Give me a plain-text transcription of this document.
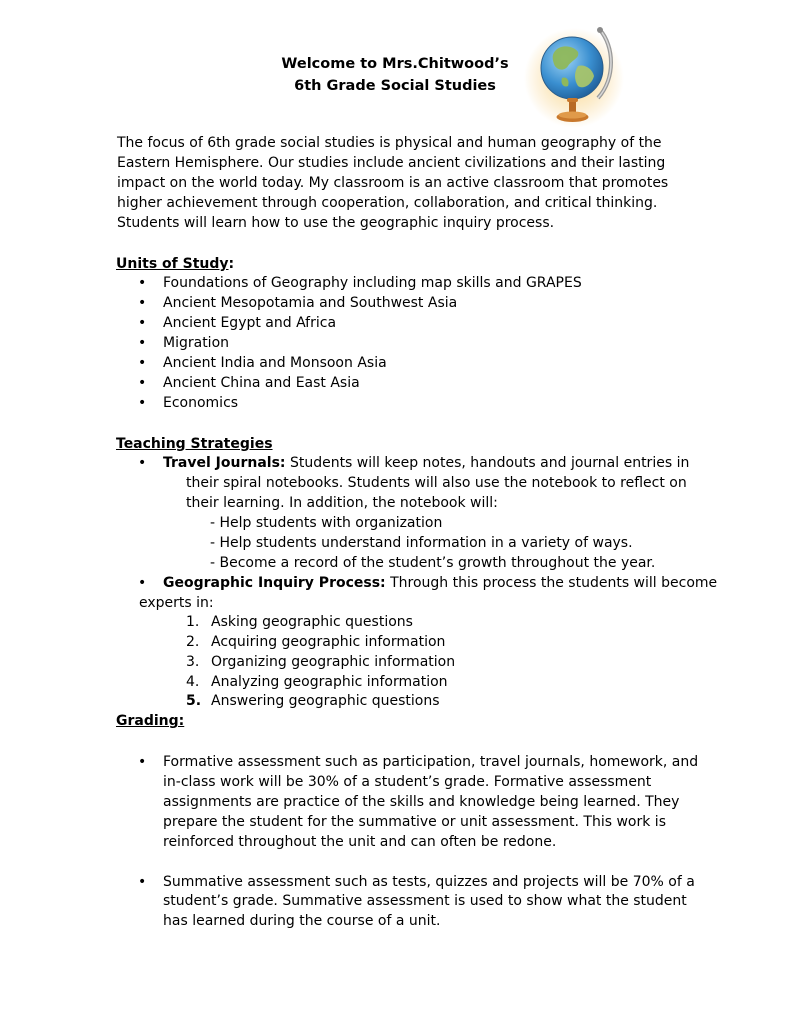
Welcome to Mrs.Chitwood’s
6th Grade Social Studies
The focus of 6th grade social studies is physical and human geography of the
Eastern Hemisphere. Our studies include ancient civilizations and their lasting
impact on the world today. My classroom is an active classroom that promotes
higher achievement through cooperation, collaboration, and critical thinking.
Students will learn how to use the geographic inquiry process.
Units of Study:
• Foundations of Geography including map skills and GRAPES
• Ancient Mesopotamia and Southwest Asia
• Ancient Egypt and Africa
• Migration
• Ancient India and Monsoon Asia
• Ancient China and East Asia
• Economics
Teaching Strategies
• Travel Journals: Students will keep notes, handouts and journal entries in
their spiral notebooks. Students will also use the notebook to reflect on
their learning. In addition, the notebook will:
- Help students with organization
- Help students understand information in a variety of ways.
- Become a record of the student’s growth throughout the year.
• Geographic Inquiry Process: Through this process the students will become
experts in:
1. Asking geographic questions
2. Acquiring geographic information
3. Organizing geographic information
4. Analyzing geographic information
5. Answering geographic questions
Grading:
• Formative assessment such as participation, travel journals, homework, and
in-class work will be 30% of a student’s grade. Formative assessment
assignments are practice of the skills and knowledge being learned. They
prepare the student for the summative or unit assessment. This work is
reinforced throughout the unit and can often be redone.
• Summative assessment such as tests, quizzes and projects will be 70% of a
student’s grade. Summative assessment is used to show what the student
has learned during the course of a unit.
